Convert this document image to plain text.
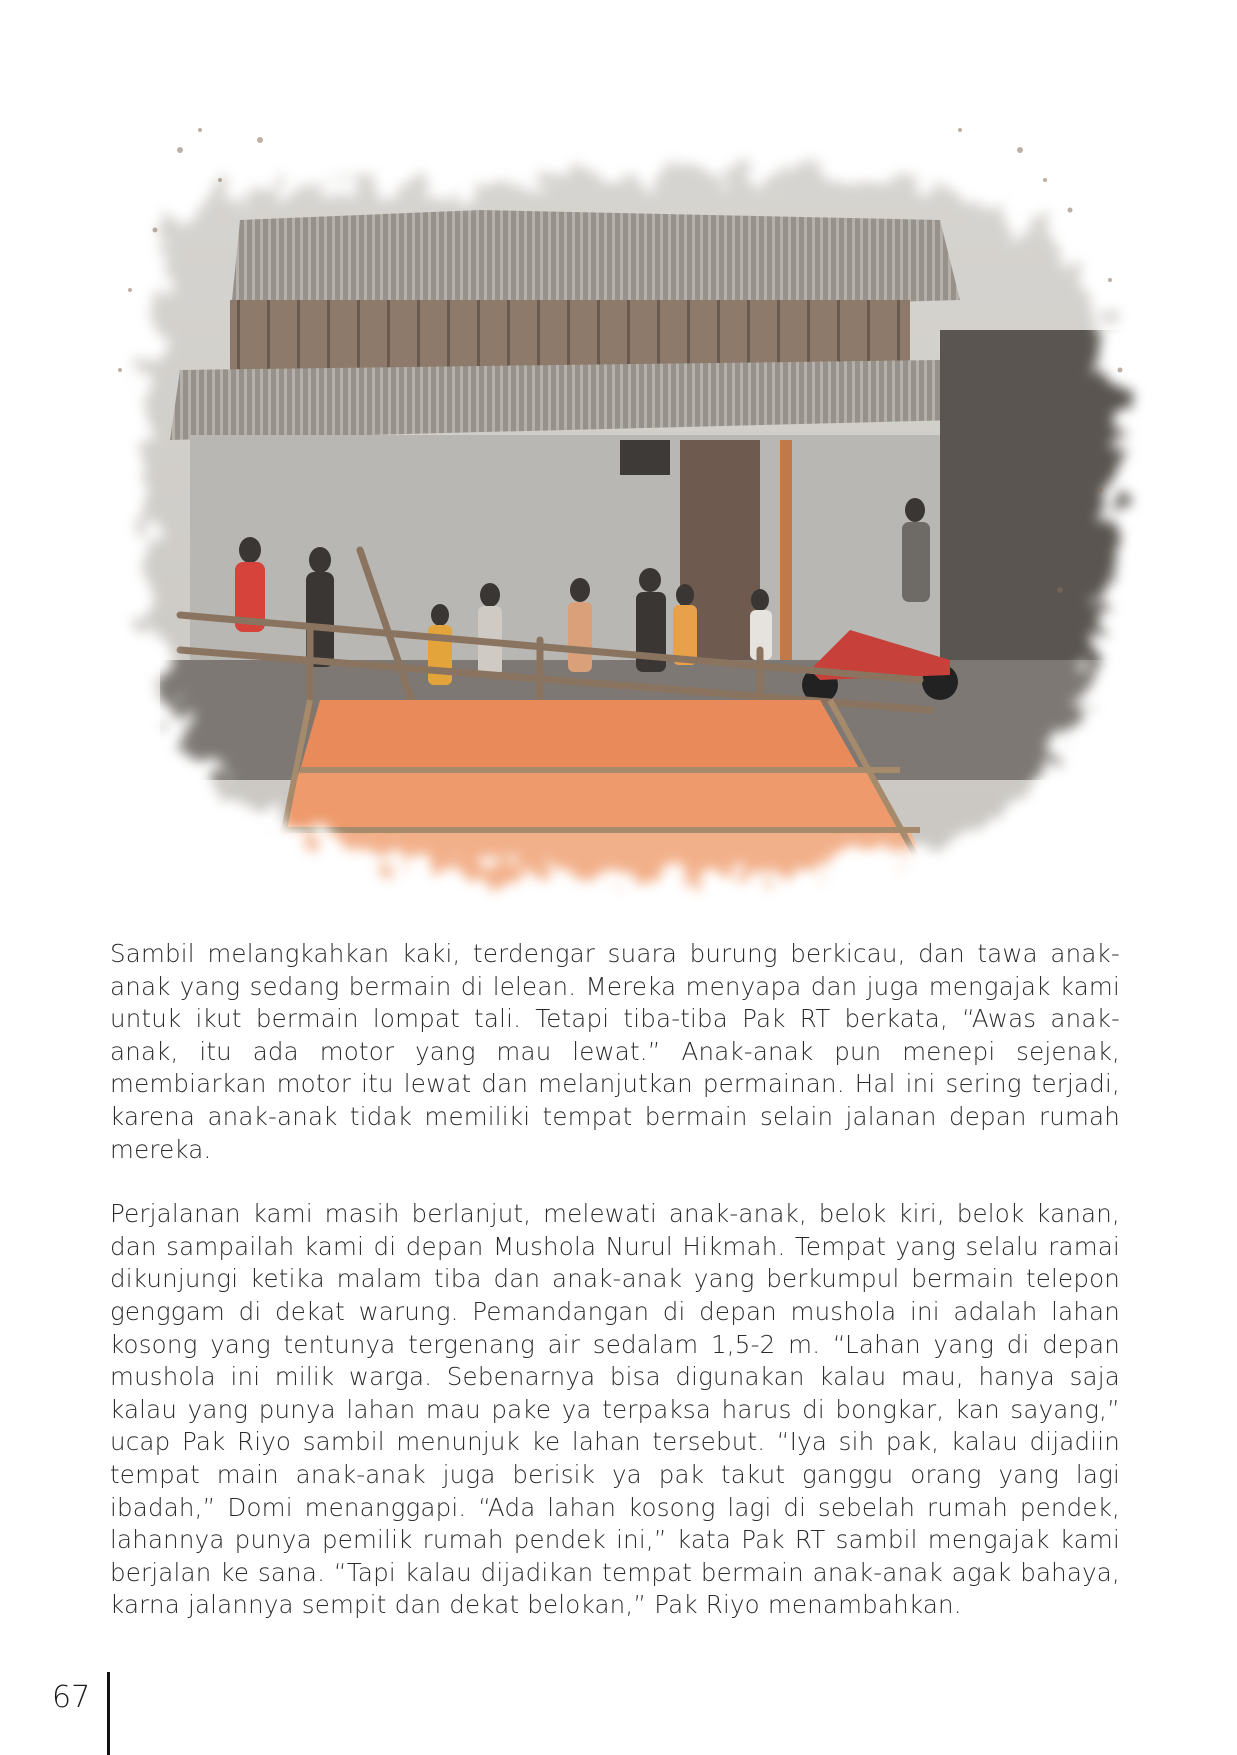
Sambil melangkahkan kaki, terdengar suara burung berkicau, dan tawa anak-anak yang sedang bermain di lelean. Mereka menyapa dan juga mengajak kami untuk ikut bermain lompat tali. Tetapi tiba-tiba Pak RT berkata, “Awas anak-anak, itu ada motor yang mau lewat.” Anak-anak pun menepi sejenak, membiarkan motor itu lewat dan melanjutkan permainan. Hal ini sering terjadi, karena anak-anak tidak memiliki tempat bermain selain jalanan depan rumah mereka.

Perjalanan kami masih berlanjut, melewati anak-anak, belok kiri, belok kanan, dan sampailah kami di depan Mushola Nurul Hikmah. Tempat yang selalu ramai dikunjungi ketika malam tiba dan anak-anak yang berkumpul bermain telepon genggam di dekat warung. Pemandangan di depan mushola ini adalah lahan kosong yang tentunya tergenang air sedalam 1,5-2 m. “Lahan yang di depan mushola ini milik warga. Sebenarnya bisa digunakan kalau mau, hanya saja kalau yang punya lahan mau pake ya terpaksa harus di bongkar, kan sayang,” ucap Pak Riyo sambil menunjuk ke lahan tersebut. “Iya sih pak, kalau dijadiin tempat main anak-anak juga berisik ya pak takut ganggu orang yang lagi ibadah,” Domi menanggapi. “Ada lahan kosong lagi di sebelah rumah pendek, lahannya punya pemilik rumah pendek ini,” kata Pak RT sambil mengajak kami berjalan ke sana. “Tapi kalau dijadikan tempat bermain anak-anak agak bahaya, karna jalannya sempit dan dekat belokan,” Pak Riyo menambahkan.

67
